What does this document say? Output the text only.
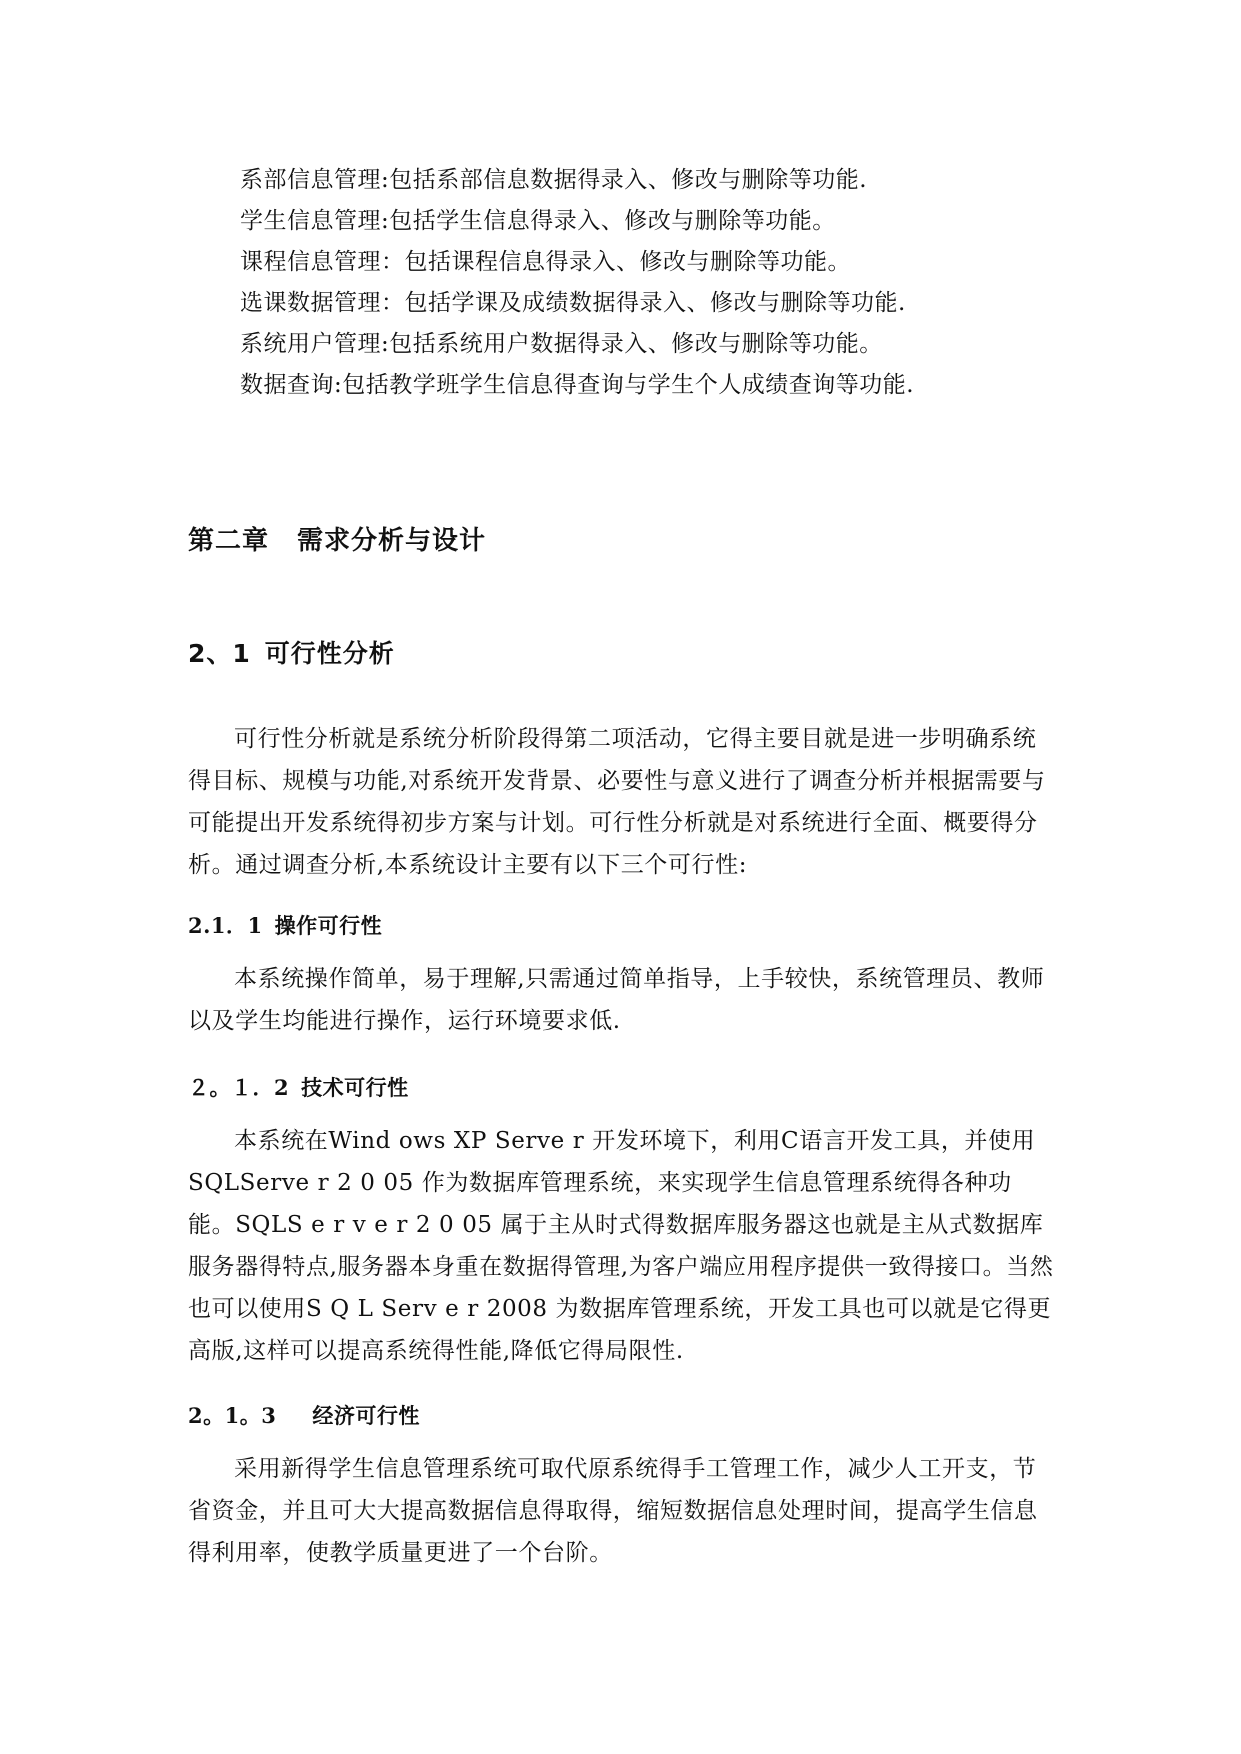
系部信息管理:包括系部信息数据得录入、修改与删除等功能.
学生信息管理:包括学生信息得录入、修改与删除等功能。
课程信息管理：包括课程信息得录入、修改与删除等功能。
选课数据管理：包括学课及成绩数据得录入、修改与删除等功能.
系统用户管理:包括系统用户数据得录入、修改与删除等功能。
数据查询:包括教学班学生信息得查询与学生个人成绩查询等功能.
第二章 需求分析与设计
2、1 可行性分析
可行性分析就是系统分析阶段得第二项活动，它得主要目就是进一步明确系统得目标、规模与功能,对系统开发背景、必要性与意义进行了调查分析并根据需要与可能提出开发系统得初步方案与计划。可行性分析就是对系统进行全面、概要得分析。通过调查分析,本系统设计主要有以下三个可行性:
2.1．1 操作可行性
本系统操作简单，易于理解,只需通过简单指导，上手较快，系统管理员、教师以及学生均能进行操作，运行环境要求低.
２。１．2 技术可行性
本系统在Wind ows XP Serve r 开发环境下，利用C语言开发工具，并使用SQLServe r 2 0 05 作为数据库管理系统，来实现学生信息管理系统得各种功能。SQLS e r v e r 2 0 05 属于主从时式得数据库服务器这也就是主从式数据库服务器得特点,服务器本身重在数据得管理,为客户端应用程序提供一致得接口。当然也可以使用S Q L Serv e r 2008 为数据库管理系统，开发工具也可以就是它得更高版,这样可以提高系统得性能,降低它得局限性.
2。1。3 经济可行性
采用新得学生信息管理系统可取代原系统得手工管理工作，减少人工开支，节省资金，并且可大大提高数据信息得取得，缩短数据信息处理时间，提高学生信息得利用率，使教学质量更进了一个台阶。
